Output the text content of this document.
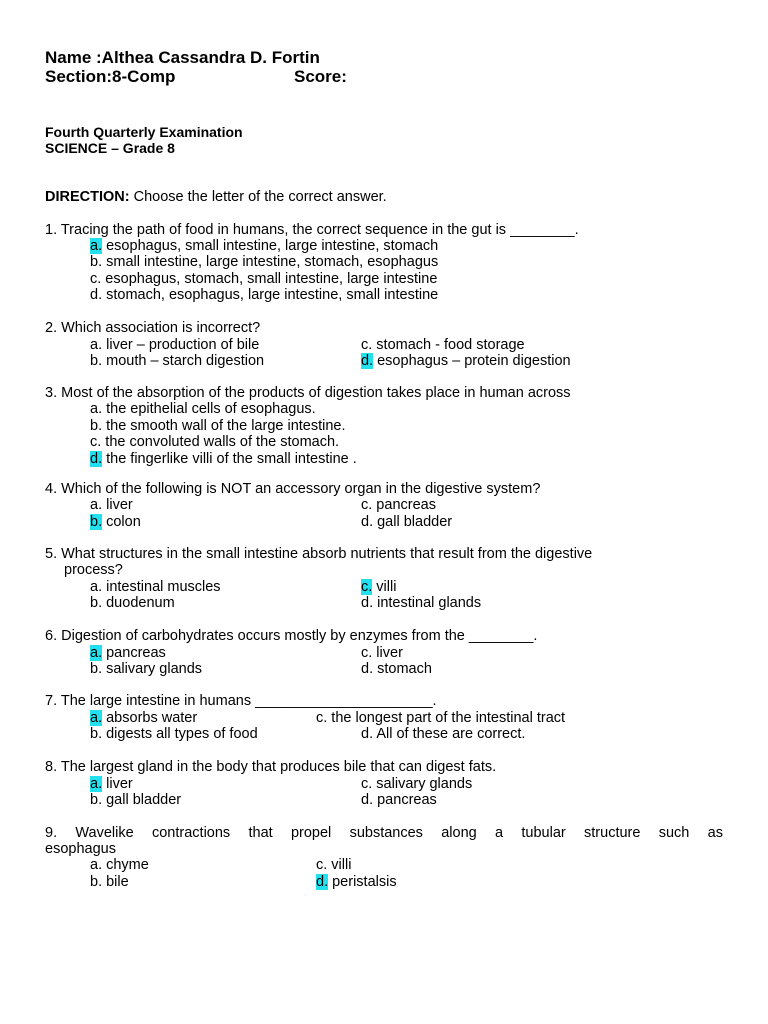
Name :Althea Cassandra D. Fortin
Section:8-Comp	Score:
Fourth Quarterly Examination
SCIENCE – Grade 8
DIRECTION: Choose the letter of the correct answer.
1. Tracing the path of food in humans, the correct sequence in the gut is ________.
a. esophagus, small intestine, large intestine, stomach
b. small intestine, large intestine, stomach, esophagus
c. esophagus, stomach, small intestine, large intestine
d. stomach, esophagus, large intestine, small intestine
2. Which association is incorrect?
a. liver – production of bile	c. stomach - food storage
b. mouth – starch digestion	d. esophagus – protein digestion
3. Most of the absorption of the products of digestion takes place in human across
a. the epithelial cells of esophagus.
b. the smooth wall of the large intestine.
c. the convoluted walls of the stomach.
d. the fingerlike villi of the small intestine .
4. Which of the following is NOT an accessory organ in the digestive system?
a. liver	c. pancreas
b. colon	d. gall bladder
5. What structures in the small intestine absorb nutrients that result from the digestive
process?
a. intestinal muscles	c. villi
b. duodenum	d. intestinal glands
6. Digestion of carbohydrates occurs mostly by enzymes from the ________.
a. pancreas	c. liver
b. salivary glands	d. stomach
7. The large intestine in humans ______________________.
a. absorbs water	c. the longest part of the intestinal tract
b. digests all types of food	d. All of these are correct.
8. The largest gland in the body that produces bile that can digest fats.
a. liver	c. salivary glands
b. gall bladder	d. pancreas
9. Wavelike contractions that propel substances along a tubular structure such as
esophagus
a. chyme	c. villi
b. bile	d. peristalsis
